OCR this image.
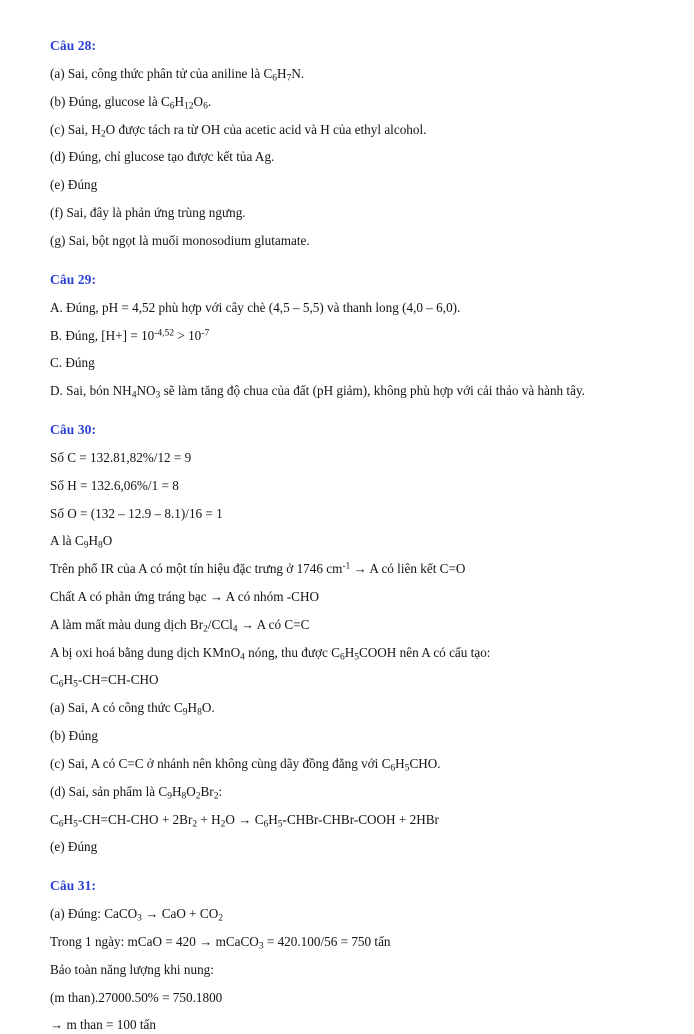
Câu 28:
(a) Sai, công thức phân tử của aniline là $C_6H_7N$.
(b) Đúng, glucose là $C_6H_{12}O_6$.
(c) Sai, $H_2O$ được tách ra từ OH của acetic acid và H của ethyl alcohol.
(d) Đúng, chỉ glucose tạo được kết tủa Ag.
(e) Đúng
(f) Sai, đây là phản ứng trùng ngưng.
(g) Sai, bột ngọt là muối monosodium glutamate.
Câu 29:
A. Đúng, pH = 4,52 phù hợp với cây chè (4,5 – 5,5) và thanh long (4,0 – 6,0).
B. Đúng, $[H+] = 10^{-4,52} > 10^{-7}$
C. Đúng
D. Sai, bón $NH_4NO_3$ sẽ làm tăng độ chua của đất (pH giảm), không phù hợp với cải thảo và hành tây.
Câu 30:
Số C = 132.81,82%/12 = 9
Số H = 132.6,06%/1 = 8
Số O = (132 – 12.9 – 8.1)/16 = 1
A là $C_9H_8O$
Trên phổ IR của A có một tín hiệu đặc trưng ở 1746 $cm^{-1} \to A$ có liên kết C=O
Chất A có phản ứng tráng bạc → A có nhóm -CHO
A làm mất màu dung dịch $Br_2/CCl_4 \to A$ có C=C
A bị oxi hoá bằng dung dịch KMnO$_4$ nóng, thu được $C_6H_5COOH$ nên A có cấu tạo:
$C_6H_5-CH=CH$-CHO
(a) Sai, A có công thức $C_9H_8O$.
(b) Đúng
(c) Sai, A có C=C ở nhánh nên không cùng dãy đồng đẳng với $C_6H_5CHO$.
(d) Sai, sản phẩm là $C_9H_8O_2Br_2$:
$C_6H_5-CH=CH$-CHO + $2Br_2 + H_2O$ → $C_6H_5-CHBr-CHBr$-COOH + 2HBr
(e) Đúng
Câu 31:
(a) Đúng: CaCO$_3$ → CaO + $CO_2$
Trong 1 ngày: mCaO = 420 → mCaCO$_3$ = 420.100/56 = 750 tấn
Bảo toàn năng lượng khi nung:
(m than).27000.50% = 750.1800
→ m than = 100 tấn
